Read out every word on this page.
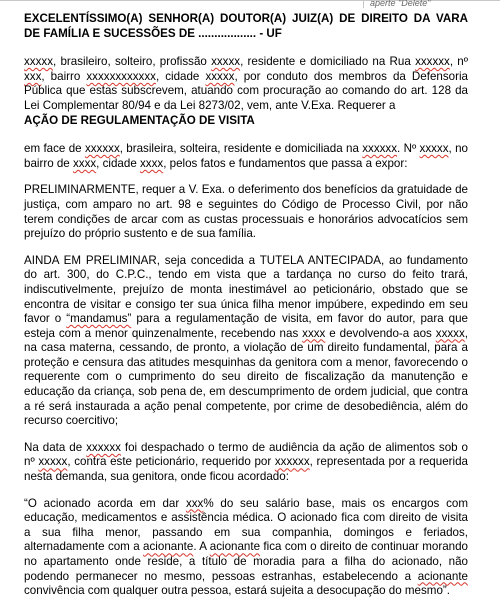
aperte "Delete"
EXCELENTÍSSIMO(A) SENHOR(A) DOUTOR(A) JUIZ(A) DE DIREITO DA VARA DE FAMÍLIA E SUCESSÕES DE .................. - UF

xxxxx, brasileiro, solteiro, profissão xxxxx, residente e domiciliado na Rua xxxxxx, nº xxx, bairro xxxxxxxxxxxx, cidade xxxxx, por conduto dos membros da Defensoria Pública que estas subscrevem, atuando com procuração ao comando do art. 128 da Lei Complementar 80/94 e da Lei 8273/02, vem, ante V.Exa. Requerer a

AÇÃO DE REGULAMENTAÇÃO DE VISITA

em face de xxxxxx, brasileira, solteira, residente e domiciliada na xxxxxx. Nº xxxxx, no bairro de xxxx, cidade xxxx, pelos fatos e fundamentos que passa a expor:

PRELIMINARMENTE, requer a V. Exa. o deferimento dos benefícios da gratuidade de justiça, com amparo no art. 98 e seguintes do Código de Processo Civil, por não terem condições de arcar com as custas processuais e honorários advocatícios sem prejuízo do próprio sustento e de sua família.

AINDA EM PRELIMINAR, seja concedida a TUTELA ANTECIPADA, ao fundamento do art. 300, do C.P.C., tendo em vista que a tardança no curso do feito trará, indiscutivelmente, prejuízo de monta inestimável ao peticionário, obstado que se encontra de visitar e consigo ter sua única filha menor impúbere, expedindo em seu favor o “mandamus” para a regulamentação de visita, em favor do autor, para que esteja com a menor quinzenalmente, recebendo nas xxxx e devolvendo-a aos xxxxx, na casa materna, cessando, de pronto, a violação de um direito fundamental, para a proteção e censura das atitudes mesquinhas da genitora com a menor, favorecendo o requerente com o cumprimento do seu direito de fiscalização da manutenção e educação da criança, sob pena de, em descumprimento de ordem judicial, que contra a ré será instaurada a ação penal competente, por crime de desobediência, além do recurso coercitivo;

Na data de xxxxxx foi despachado o termo de audiência da ação de alimentos sob o nº xxxxx, contra este peticionário, requerido por xxxxxx, representada por a requerida nesta demanda, sua genitora, onde ficou acordado:

“O acionado acorda em dar xxx% do seu salário base, mais os encargos com educação, medicamentos e assistência médica. O acionado fica com direito de visita a sua filha menor, passando em sua companhia, domingos e feriados, alternadamente com a acionante. A acionante fica com o direito de continuar morando no apartamento onde reside, a título de moradia para a filha do acionado, não podendo permanecer no mesmo, pessoas estranhas, estabelecendo a acionante convivência com qualquer outra pessoa, estará sujeita a desocupação do mesmo”.
